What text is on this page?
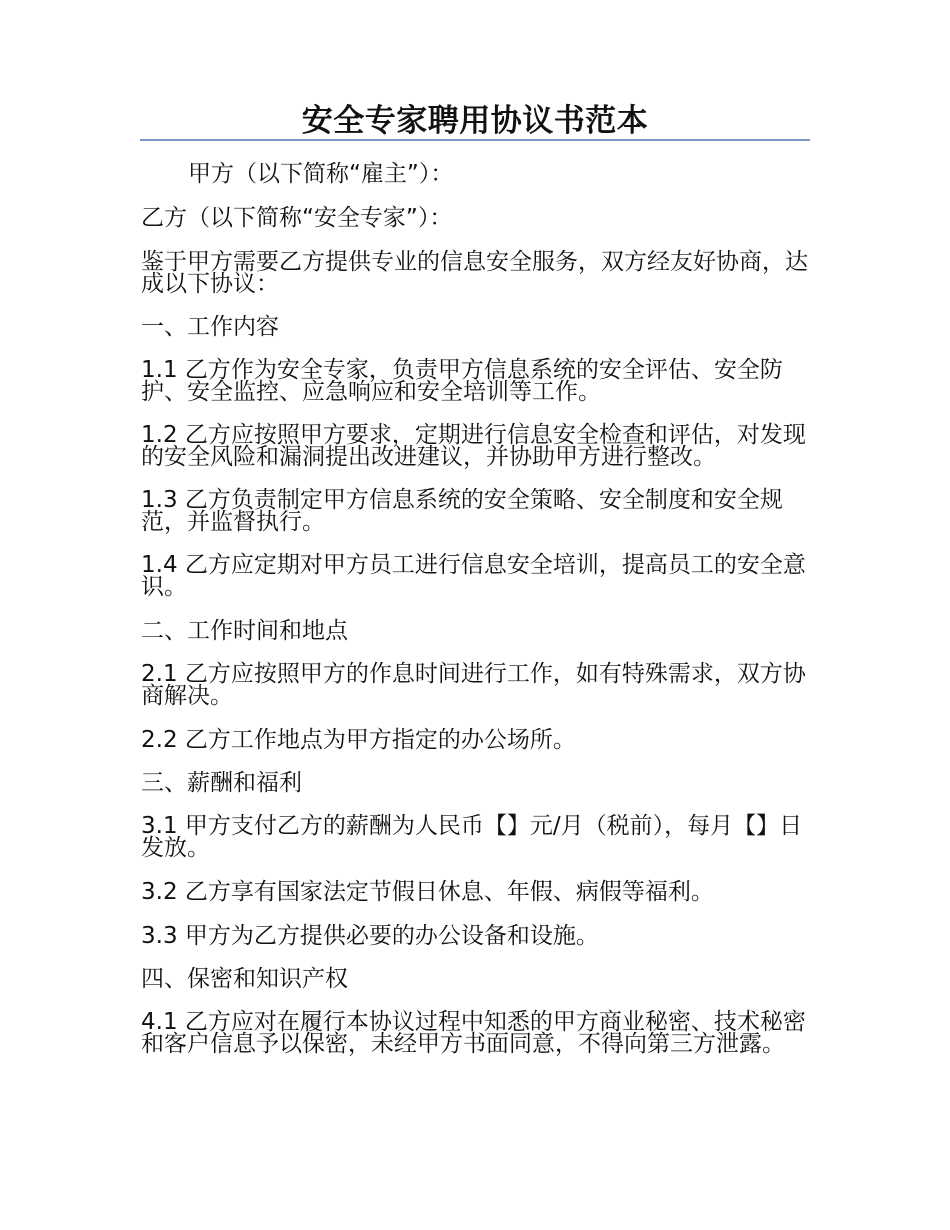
安全专家聘用协议书范本

甲方（以下简称“雇主”）：

乙方（以下简称“安全专家”）：

鉴于甲方需要乙方提供专业的信息安全服务，双方经友好协商，达成以下协议：

一、工作内容

1.1 乙方作为安全专家，负责甲方信息系统的安全评估、安全防护、安全监控、应急响应和安全培训等工作。

1.2 乙方应按照甲方要求，定期进行信息安全检查和评估，对发现的安全风险和漏洞提出改进建议，并协助甲方进行整改。

1.3 乙方负责制定甲方信息系统的安全策略、安全制度和安全规范，并监督执行。

1.4 乙方应定期对甲方员工进行信息安全培训，提高员工的安全意识。

二、工作时间和地点

2.1 乙方应按照甲方的作息时间进行工作，如有特殊需求，双方协商解决。

2.2 乙方工作地点为甲方指定的办公场所。

三、薪酬和福利

3.1 甲方支付乙方的薪酬为人民币【】元/月（税前），每月【】日发放。

3.2 乙方享有国家法定节假日休息、年假、病假等福利。

3.3 甲方为乙方提供必要的办公设备和设施。

四、保密和知识产权

4.1 乙方应对在履行本协议过程中知悉的甲方商业秘密、技术秘密和客户信息予以保密，未经甲方书面同意，不得向第三方泄露。
